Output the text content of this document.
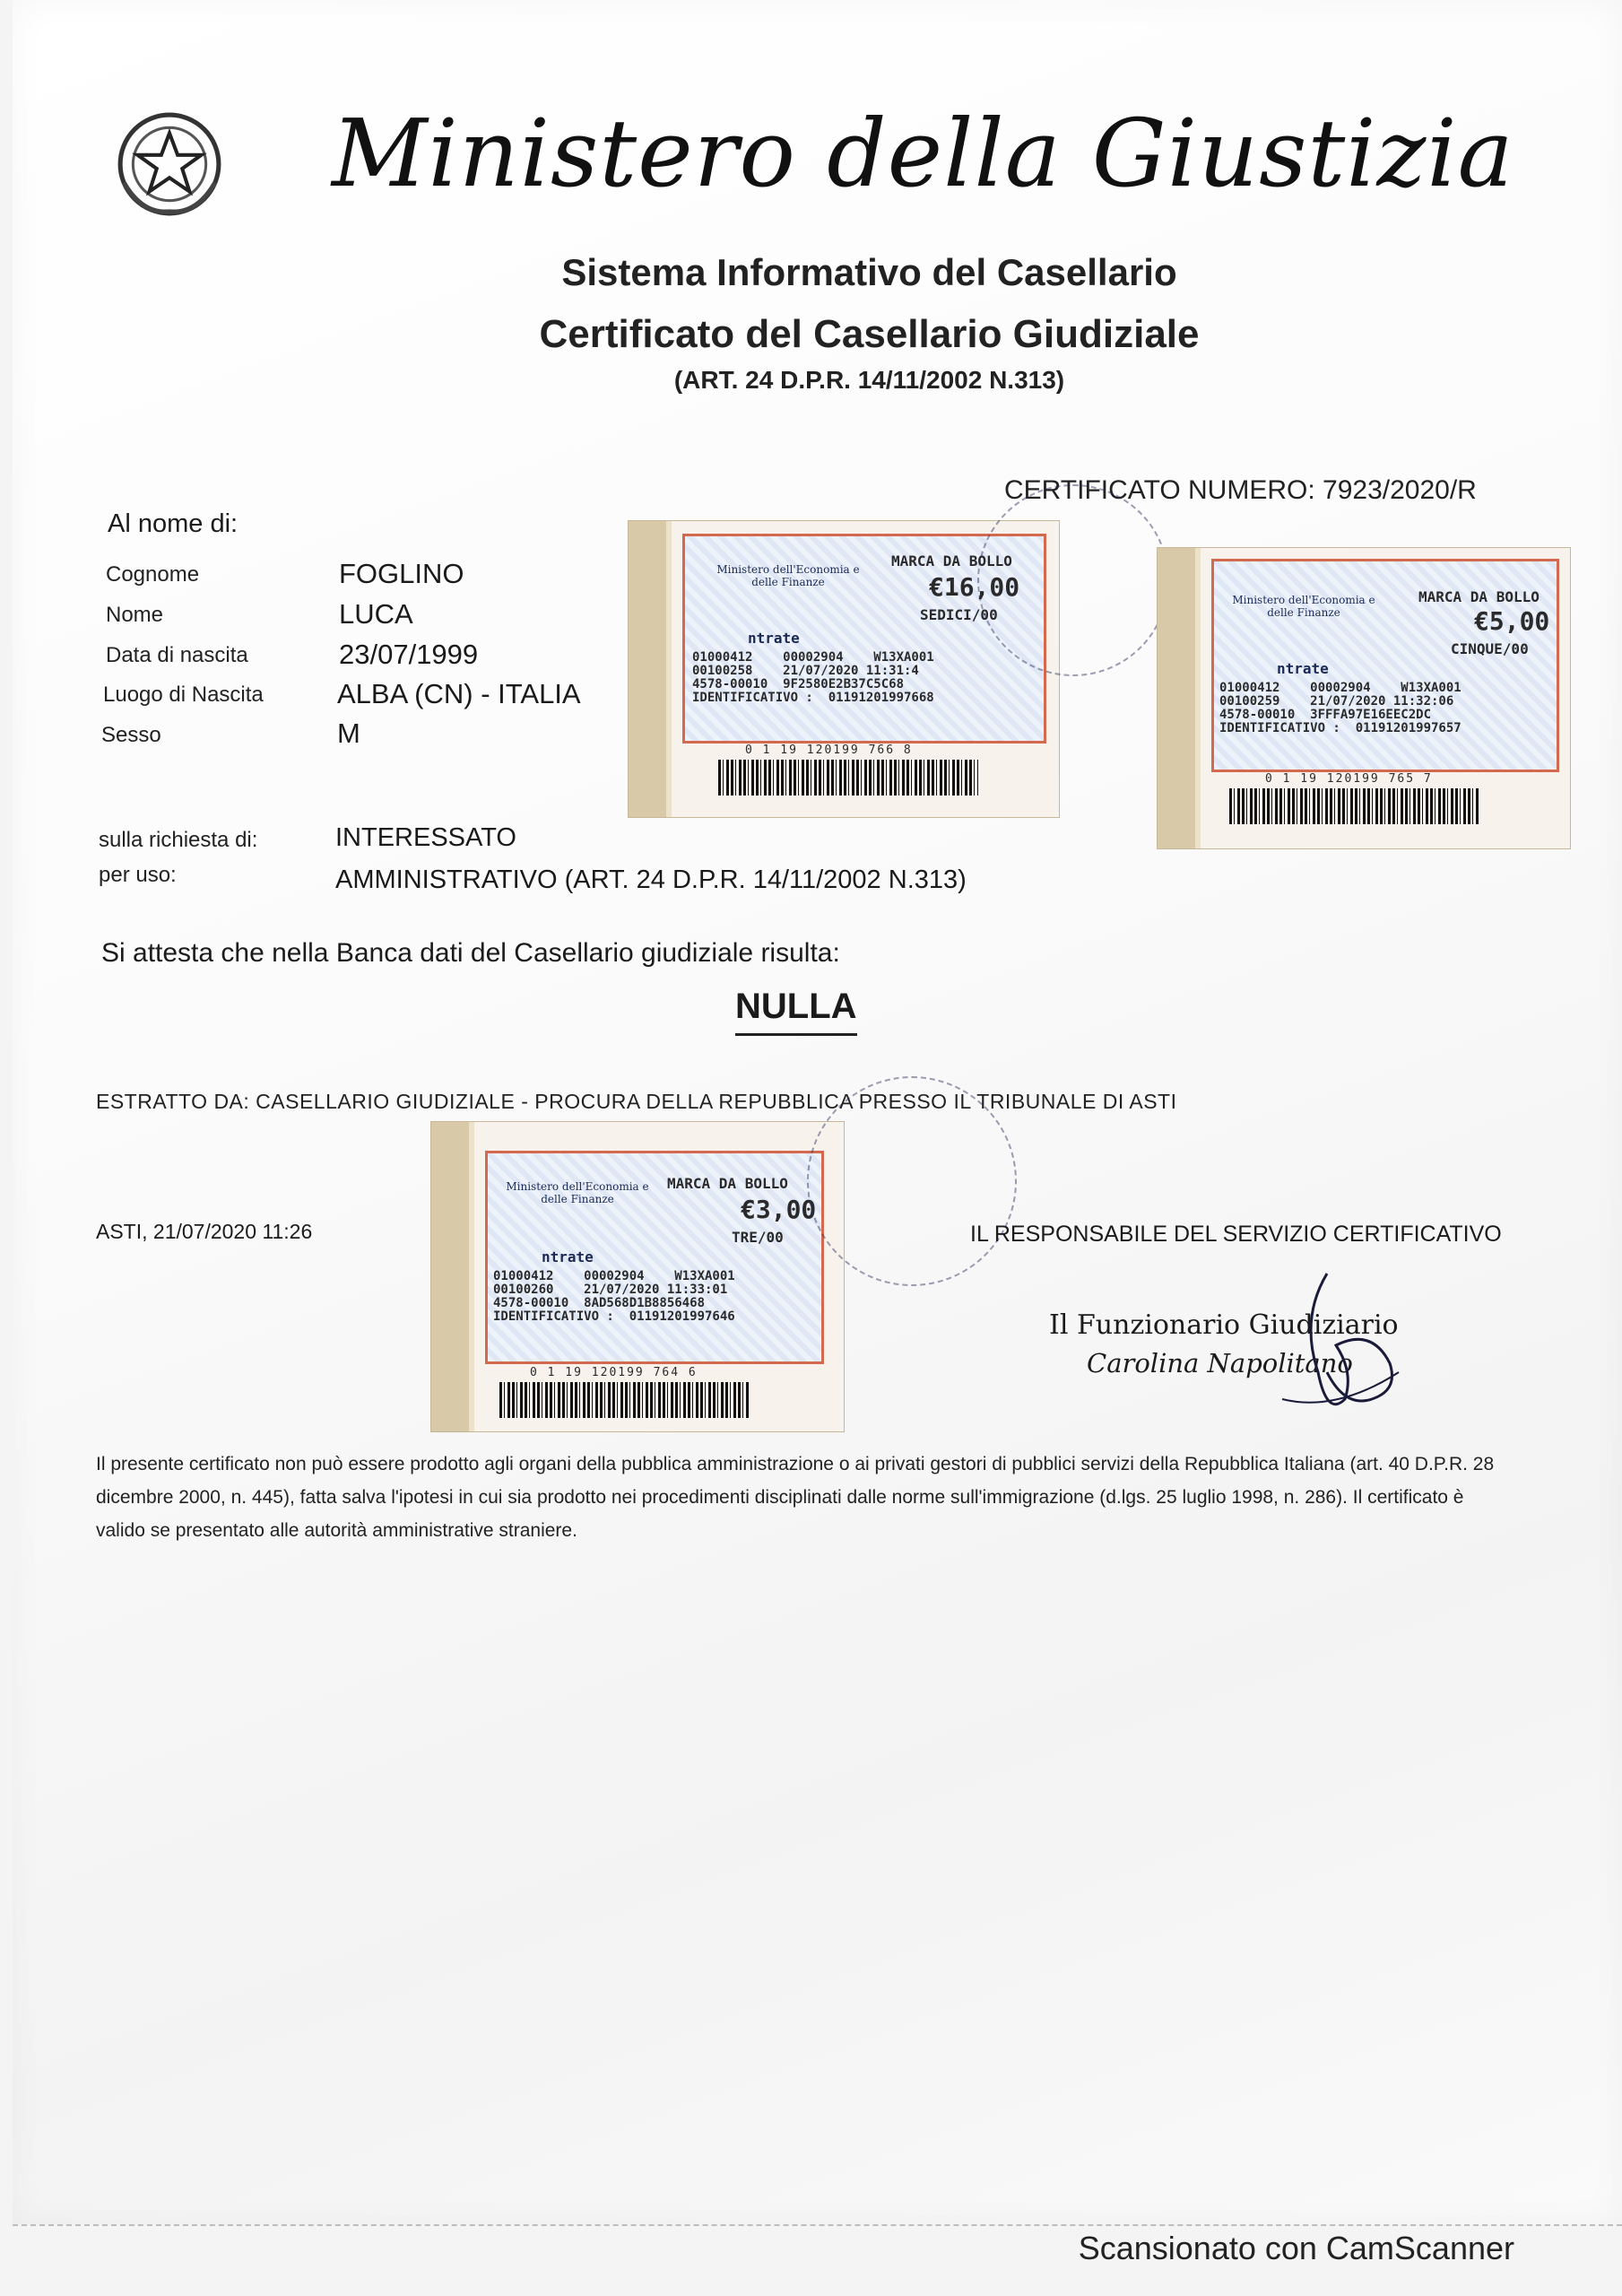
Ministero della Giustizia
Sistema Informativo del Casellario
Certificato del Casellario Giudiziale
(ART. 24 D.P.R. 14/11/2002 N.313)
CERTIFICATO NUMERO: 7923/2020/R
Al nome di:
Cognome	FOGLINO
Nome	LUCA
Data di nascita	23/07/1999
Luogo di Nascita	ALBA (CN) - ITALIA
Sesso	M
sulla richiesta di:	INTERESSATO
per uso:	AMMINISTRATIVO (ART. 24 D.P.R. 14/11/2002 N.313)
Si attesta che nella Banca dati del Casellario giudiziale risulta:
NULLA
ESTRATTO DA: CASELLARIO GIUDIZIALE - PROCURA DELLA REPUBBLICA PRESSO IL TRIBUNALE DI ASTI
ASTI, 21/07/2020 11:26	IL RESPONSABILE DEL SERVIZIO CERTIFICATIVO
Il Funzionario Giudiziario
Carolina Napolitano
Il presente certificato non può essere prodotto agli organi della pubblica amministrazione o ai privati gestori di pubblici servizi della Repubblica Italiana (art. 40 D.P.R. 28 dicembre 2000, n. 445), fatta salva l'ipotesi in cui sia prodotto nei procedimenti disciplinati dalle norme sull'immigrazione (d.lgs. 25 luglio 1998, n. 286). Il certificato è valido se presentato alle autorità amministrative straniere.
Ministero dell'Economia e delle Finanze
MARCA DA BOLLO
€16,00
SEDICI/00
ntrate
01000412    00002904    W13XA001
00100258    21/07/2020 11:31:4
4578-00010  9F2580E2B37C5C68
IDENTIFICATIVO :  01191201997668
0 1 19 120199 766 8
Ministero dell'Economia e delle Finanze
MARCA DA BOLLO
€5,00
CINQUE/00
ntrate
01000412    00002904    W13XA001
00100259    21/07/2020 11:32:06
4578-00010  3FFFA97E16EEC2DC
IDENTIFICATIVO :  01191201997657
0 1 19 120199 765 7
Ministero dell'Economia e delle Finanze
MARCA DA BOLLO
€3,00
TRE/00
ntrate
01000412    00002904    W13XA001
00100260    21/07/2020 11:33:01
4578-00010  8AD568D1B8856468
IDENTIFICATIVO :  01191201997646
0 1 19 120199 764 6
Scansionato con CamScanner
